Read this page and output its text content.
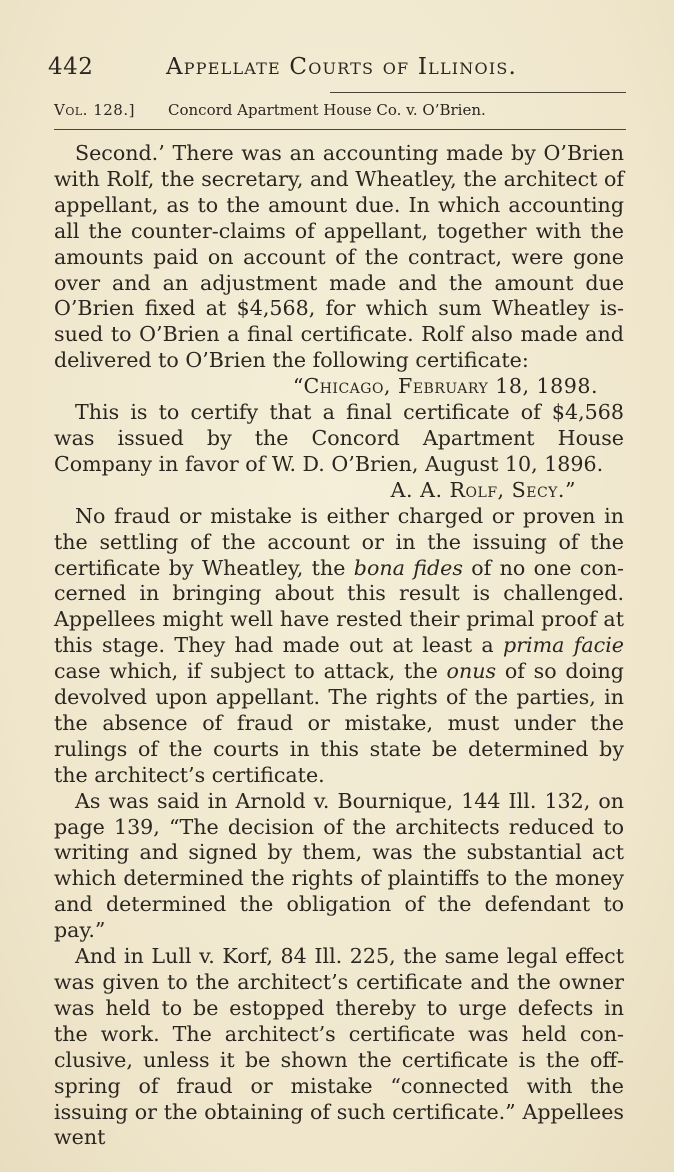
442	Appellate Courts of Illinois.
Vol. 128.] Concord Apartment House Co. v. O’Brien.

Second.’ There was an accounting made by O’Brien with Rolf, the secretary, and Wheatley, the architect of appellant, as to the amount due. In which accounting all the counter-claims of appellant, together with the amounts paid on account of the contract, were gone over and an adjustment made and the amount due O’Brien fixed at $4,568, for which sum Wheatley issued to O’Brien a final certificate. Rolf also made and delivered to O’Brien the following certificate:

“Chicago, February 18, 1898.

This is to certify that a final certificate of $4,568 was issued by the Concord Apartment House Company in favor of W. D. O’Brien, August 10, 1896.

A. A. Rolf, Secy.”

No fraud or mistake is either charged or proven in the settling of the account or in the issuing of the certificate by Wheatley, the bona fides of no one concerned in bringing about this result is challenged. Appellees might well have rested their primal proof at this stage. They had made out at least a prima facie case which, if subject to attack, the onus of so doing devolved upon appellant. The rights of the parties, in the absence of fraud or mistake, must under the rulings of the courts in this state be determined by the architect’s certificate.

As was said in Arnold v. Bournique, 144 Ill. 132, on page 139, “The decision of the architects reduced to writing and signed by them, was the substantial act which determined the rights of plaintiffs to the money and determined the obligation of the defendant to pay.”

And in Lull v. Korf, 84 Ill. 225, the same legal effect was given to the architect’s certificate and the owner was held to be estopped thereby to urge defects in the work. The architect’s certificate was held conclusive, unless it be shown the certificate is the offspring of fraud or mistake “connected with the issuing or the obtaining of such certificate.” Appellees went
